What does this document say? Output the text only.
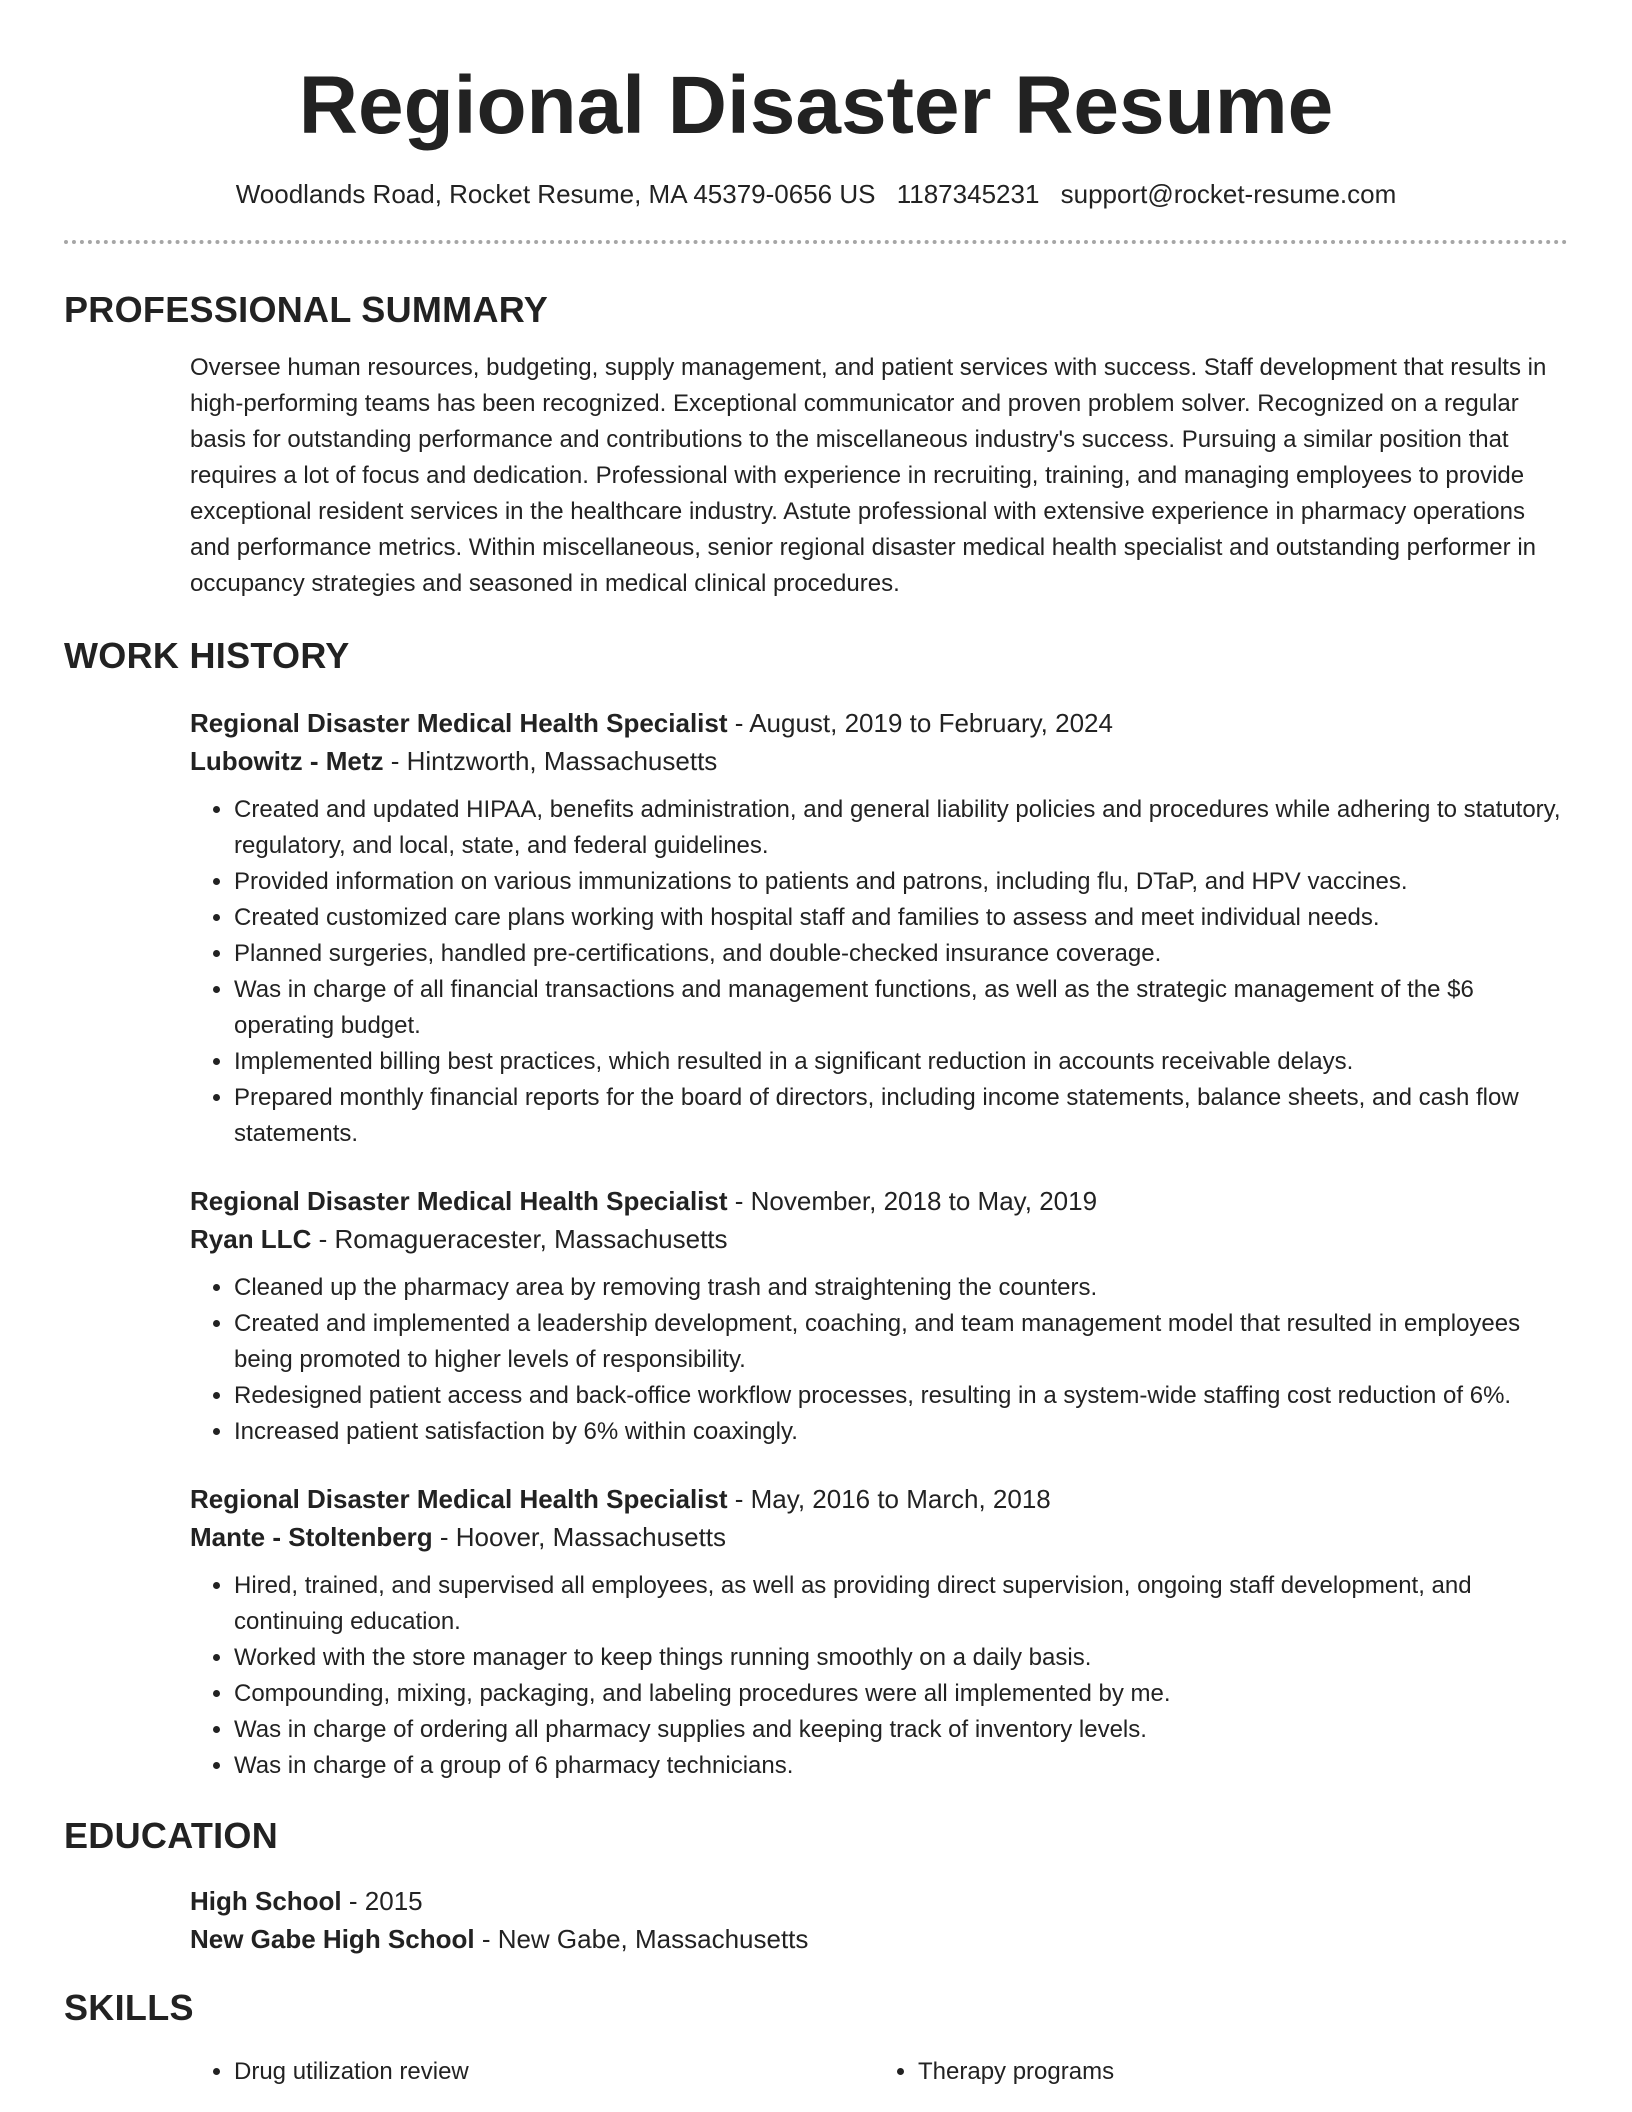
Regional Disaster Resume
Woodlands Road, Rocket Resume, MA 45379-0656 US 1187345231 support@rocket-resume.com
PROFESSIONAL SUMMARY

Oversee human resources, budgeting, supply management, and patient services with success. Staff development that results in high-performing teams has been recognized. Exceptional communicator and proven problem solver. Recognized on a regular basis for outstanding performance and contributions to the miscellaneous industry's success. Pursuing a similar position that requires a lot of focus and dedication. Professional with experience in recruiting, training, and managing employees to provide exceptional resident services in the healthcare industry. Astute professional with extensive experience in pharmacy operations and performance metrics. Within miscellaneous, senior regional disaster medical health specialist and outstanding performer in occupancy strategies and seasoned in medical clinical procedures.

WORK HISTORY
Regional Disaster Medical Health Specialist - August, 2019 to February, 2024
Lubowitz - Metz - Hintzworth, Massachusetts
• Created and updated HIPAA, benefits administration, and general liability policies and procedures while adhering to statutory, regulatory, and local, state, and federal guidelines.
• Provided information on various immunizations to patients and patrons, including flu, DTaP, and HPV vaccines.
• Created customized care plans working with hospital staff and families to assess and meet individual needs.
• Planned surgeries, handled pre-certifications, and double-checked insurance coverage.
• Was in charge of all financial transactions and management functions, as well as the strategic management of the $6 operating budget.
• Implemented billing best practices, which resulted in a significant reduction in accounts receivable delays.
• Prepared monthly financial reports for the board of directors, including income statements, balance sheets, and cash flow statements.
Regional Disaster Medical Health Specialist - November, 2018 to May, 2019
Ryan LLC - Romagueracester, Massachusetts
• Cleaned up the pharmacy area by removing trash and straightening the counters.
• Created and implemented a leadership development, coaching, and team management model that resulted in employees being promoted to higher levels of responsibility.
• Redesigned patient access and back-office workflow processes, resulting in a system-wide staffing cost reduction of 6%.
• Increased patient satisfaction by 6% within coaxingly.
Regional Disaster Medical Health Specialist - May, 2016 to March, 2018
Mante - Stoltenberg - Hoover, Massachusetts
• Hired, trained, and supervised all employees, as well as providing direct supervision, ongoing staff development, and continuing education.
• Worked with the store manager to keep things running smoothly on a daily basis.
• Compounding, mixing, packaging, and labeling procedures were all implemented by me.
• Was in charge of ordering all pharmacy supplies and keeping track of inventory levels.
• Was in charge of a group of 6 pharmacy technicians.
EDUCATION
High School - 2015
New Gabe High School - New Gabe, Massachusetts
SKILLS
• Drug utilization review
•	Therapy programs
